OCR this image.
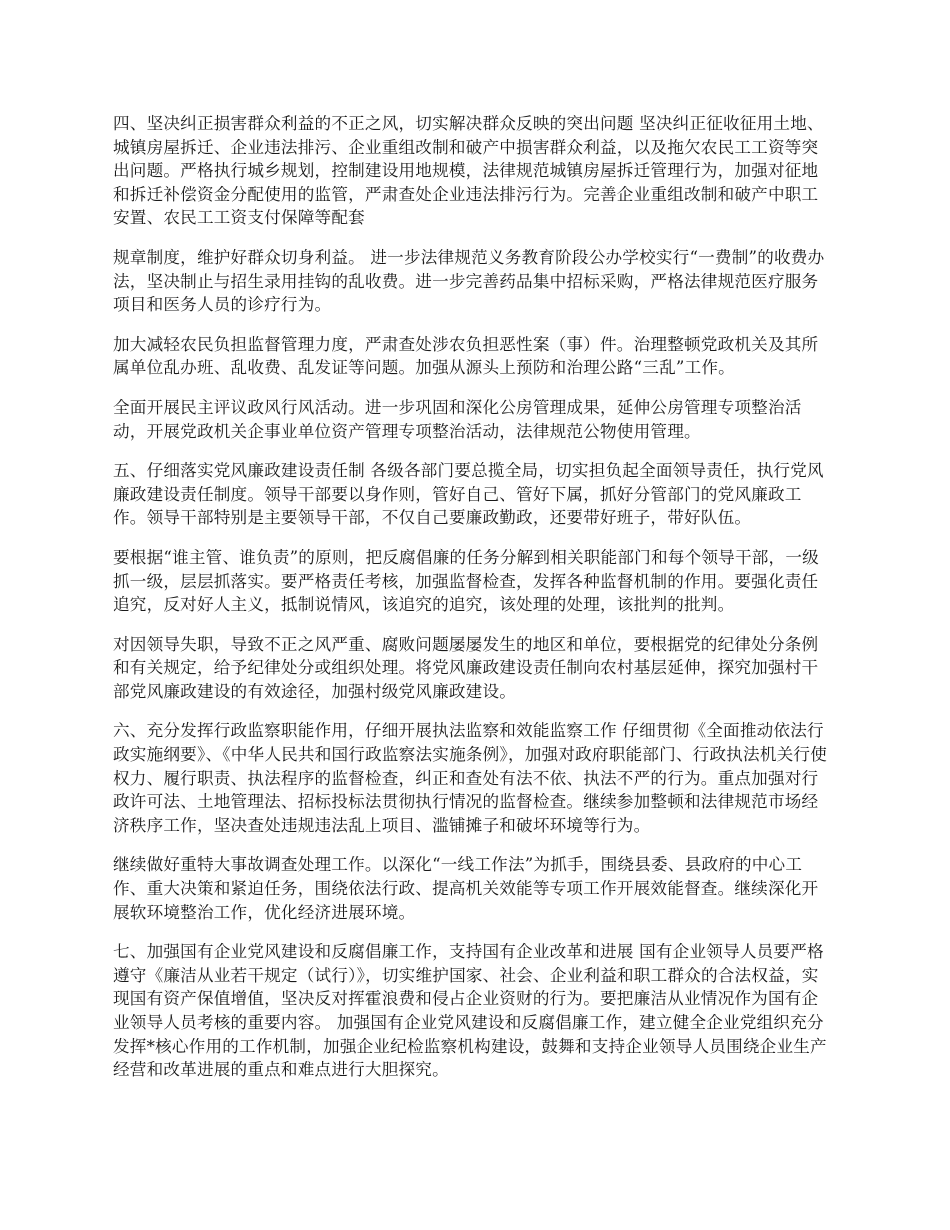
四、坚决纠正损害群众利益的不正之风，切实解决群众反映的突出问题 坚决纠正征收征用土地、城镇房屋拆迁、企业违法排污、企业重组改制和破产中损害群众利益，以及拖欠农民工工资等突出问题。严格执行城乡规划，控制建设用地规模，法律规范城镇房屋拆迁管理行为，加强对征地和拆迁补偿资金分配使用的监管，严肃查处企业违法排污行为。完善企业重组改制和破产中职工安置、农民工工资支付保障等配套

规章制度，维护好群众切身利益。 进一步法律规范义务教育阶段公办学校实行“一费制”的收费办法，坚决制止与招生录用挂钩的乱收费。进一步完善药品集中招标采购，严格法律规范医疗服务项目和医务人员的诊疗行为。

加大减轻农民负担监督管理力度，严肃查处涉农负担恶性案（事）件。治理整顿党政机关及其所属单位乱办班、乱收费、乱发证等问题。加强从源头上预防和治理公路“三乱”工作。

全面开展民主评议政风行风活动。进一步巩固和深化公房管理成果，延伸公房管理专项整治活动，开展党政机关企事业单位资产管理专项整治活动，法律规范公物使用管理。

五、仔细落实党风廉政建设责任制 各级各部门要总揽全局，切实担负起全面领导责任，执行党风廉政建设责任制度。领导干部要以身作则，管好自己、管好下属，抓好分管部门的党风廉政工作。领导干部特别是主要领导干部，不仅自己要廉政勤政，还要带好班子，带好队伍。

要根据“谁主管、谁负责”的原则，把反腐倡廉的任务分解到相关职能部门和每个领导干部，一级抓一级，层层抓落实。要严格责任考核，加强监督检查，发挥各种监督机制的作用。要强化责任追究，反对好人主义，抵制说情风，该追究的追究，该处理的处理，该批判的批判。

对因领导失职，导致不正之风严重、腐败问题屡屡发生的地区和单位，要根据党的纪律处分条例和有关规定，给予纪律处分或组织处理。将党风廉政建设责任制向农村基层延伸，探究加强村干部党风廉政建设的有效途径，加强村级党风廉政建设。

六、充分发挥行政监察职能作用，仔细开展执法监察和效能监察工作 仔细贯彻《全面推动依法行政实施纲要》、《中华人民共和国行政监察法实施条例》，加强对政府职能部门、行政执法机关行使权力、履行职责、执法程序的监督检查，纠正和查处有法不依、执法不严的行为。重点加强对行政许可法、土地管理法、招标投标法贯彻执行情况的监督检查。继续参加整顿和法律规范市场经济秩序工作，坚决查处违规违法乱上项目、滥铺摊子和破坏环境等行为。

继续做好重特大事故调查处理工作。以深化“一线工作法”为抓手，围绕县委、县政府的中心工作、重大决策和紧迫任务，围绕依法行政、提高机关效能等专项工作开展效能督查。继续深化开展软环境整治工作，优化经济进展环境。

七、加强国有企业党风建设和反腐倡廉工作，支持国有企业改革和进展 国有企业领导人员要严格遵守《廉洁从业若干规定（试行）》，切实维护国家、社会、企业利益和职工群众的合法权益，实现国有资产保值增值，坚决反对挥霍浪费和侵占企业资财的行为。要把廉洁从业情况作为国有企业领导人员考核的重要内容。 加强国有企业党风建设和反腐倡廉工作，建立健全企业党组织充分发挥*核心作用的工作机制，加强企业纪检监察机构建设，鼓舞和支持企业领导人员围绕企业生产经营和改革进展的重点和难点进行大胆探究。
